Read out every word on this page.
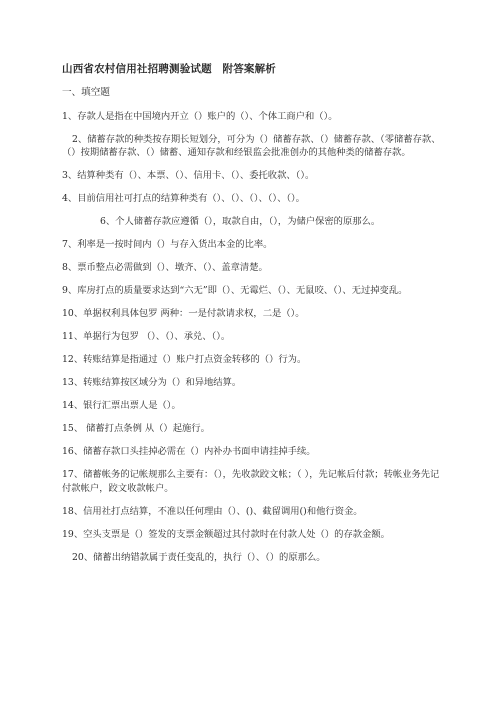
山西省农村信用社招聘测验试题　附答案解析
一、填空题
1、存款人是指在中国境内开立（）账户的（）、个体工商户和（）。
2、储蓄存款的种类按存期长短划分，可分为（）储蓄存款、（）储蓄存款、（零储蓄存款、（）按期储蓄存款、（）储蓄、通知存款和经银监会批准创办的其他种类的储蓄存款。
3、结算种类有（）、本票、（）、信用卡、（）、委托收款、（）。
4、目前信用社可打点的结算种类有（）、（）、（）、（）、（）。
6、个人储蓄存款应遵循（），取款自由，（），为储户保密的原那么。
7、利率是一按时间内（）与存入货出本金的比率。
8、票币整点必需做到（）、墩齐、（）、盖章清楚。
9、库房打点的质量要求达到“六无”即（）、无霉烂、（）、无鼠咬、（）、无过掉变乱。
10、单据权利具体包罗 两种：一是付款请求权，二是（）。
11、单据行为包罗 （）、（）、承兑、（）。
12、转账结算是指通过（）账户打点资金转移的（）行为。
13、转账结算按区域分为（）和异地结算。
14、银行汇票出票人是（）。
15、 储蓄打点条例 从（）起施行。
16、储蓄存款口头挂掉必需在（）内补办书面申请挂掉手续。
17、储蓄帐务的记帐规那么主要有：（），先收款跤文帐；（ ），先记帐后付款；转帐业务先记付款帐户，跤文收款帐户。
18、信用社打点结算，不准以任何理由（）、()、截留调用()和他行资金。
19、空头支票是（）签发的支票金额超过其付款时在付款人处（）的存款金额。
20、储蓄出纳错款属于责任变乱的，执行（）、（）的原那么。
